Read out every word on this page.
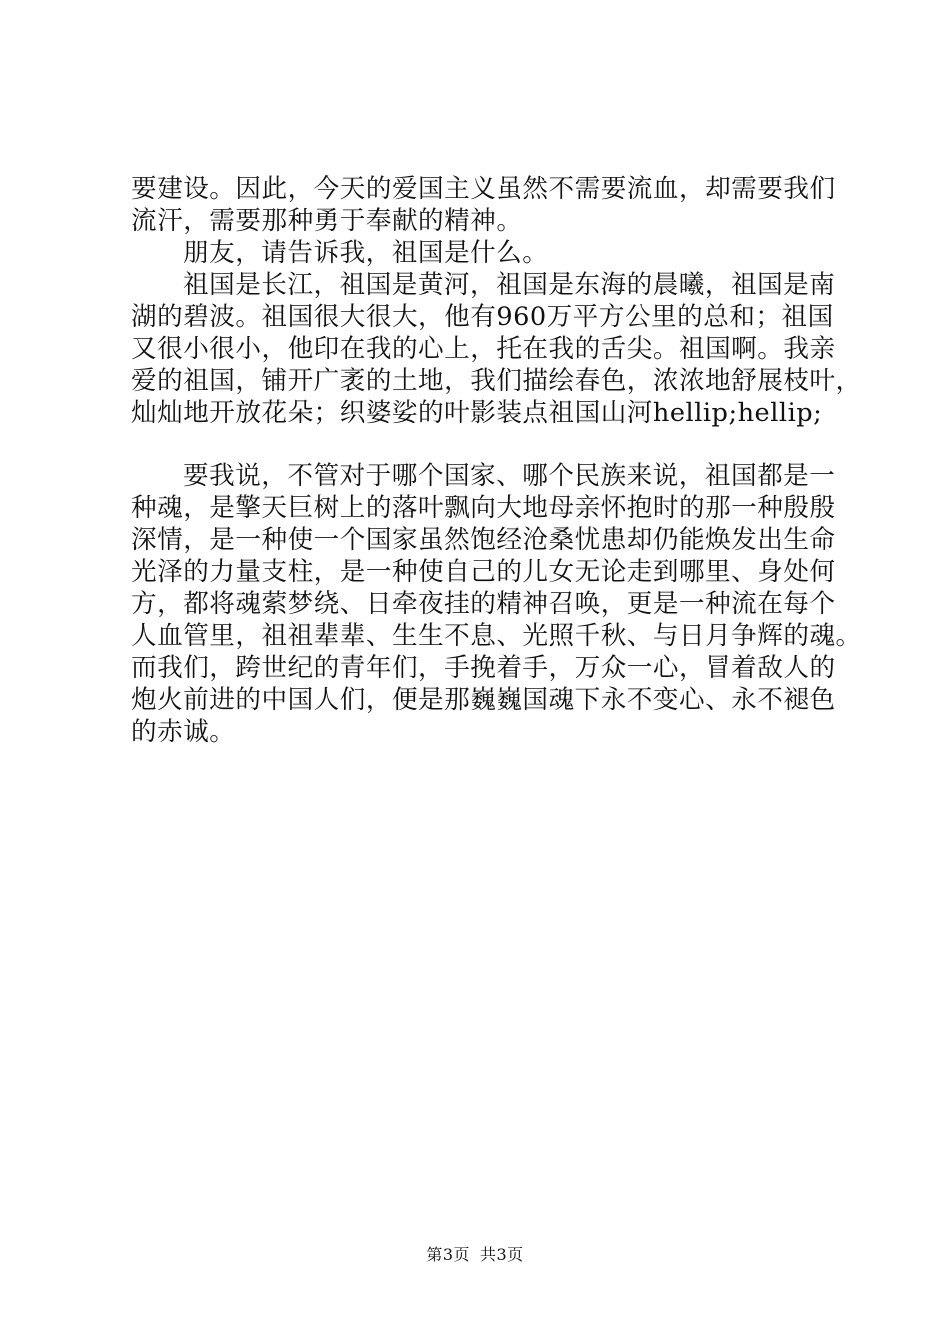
要建设。因此，今天的爱国主义虽然不需要流血，却需要我们
流汗，需要那种勇于奉献的精神。
朋友，请告诉我，祖国是什么。
祖国是长江，祖国是黄河，祖国是东海的晨曦，祖国是南
湖的碧波。祖国很大很大，他有960万平方公里的总和；祖国
又很小很小，他印在我的心上，托在我的舌尖。祖国啊。我亲
爱的祖国，铺开广袤的土地，我们描绘春色，浓浓地舒展枝叶，
灿灿地开放花朵；织婆娑的叶影装点祖国山河hellip;hellip;
要我说，不管对于哪个国家、哪个民族来说，祖国都是一
种魂，是擎天巨树上的落叶飘向大地母亲怀抱时的那一种殷殷
深情，是一种使一个国家虽然饱经沧桑忧患却仍能焕发出生命
光泽的力量支柱，是一种使自己的儿女无论走到哪里、身处何
方，都将魂萦梦绕、日牵夜挂的精神召唤，更是一种流在每个
人血管里，祖祖辈辈、生生不息、光照千秋、与日月争辉的魂。
而我们，跨世纪的青年们，手挽着手，万众一心，冒着敌人的
炮火前进的中国人们，便是那巍巍国魂下永不变心、永不褪色
的赤诚。
第3页 共3页
